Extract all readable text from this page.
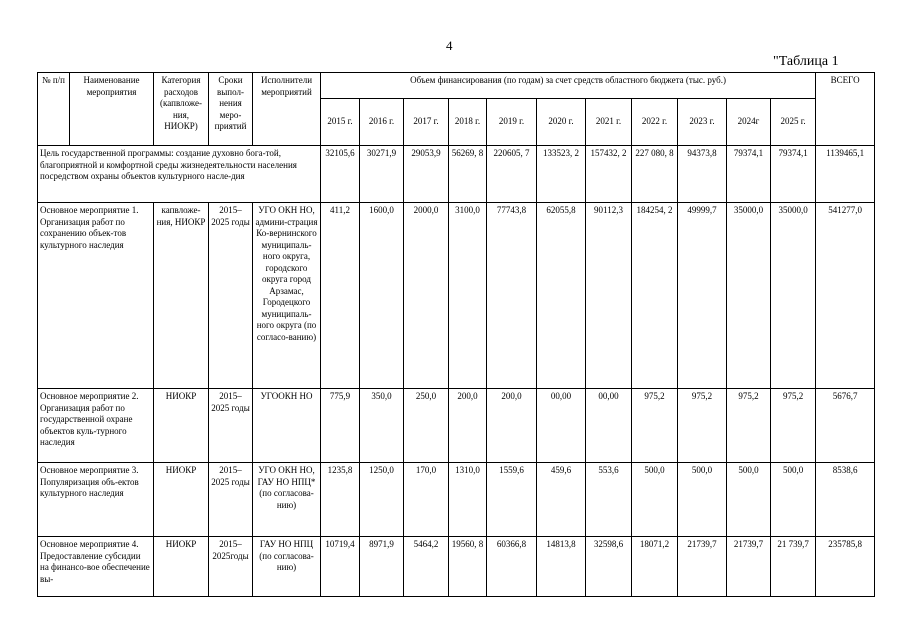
4
"Таблица 1
№ п/п	Наименование мероприятия	Категория расходов (капвложе-ния, НИОКР)	Сроки выпол-нения меро-приятий	Исполнители мероприятий	Объем финансирования (по годам) за счет средств областного бюджета (тыс. руб.)											ВСЕГО
					2015 г.	2016 г.	2017 г.	2018 г.	2019 г.	2020 г.	2021 г.	2022 г.	2023 г.	2024г	2025 г.	
Цель государственной программы: создание духовно бога-той, благоприятной и комфортной среды жизнедеятельности населения посредством охраны объектов культурного насле-дия					32105,6	30271,9	29053,9	56269, 8	220605, 7	133523, 2	157432, 2	227 080, 8	94373,8	79374,1	79374,1	1139465,1
Основное мероприятие 1. Организация работ по сохранению объек-тов культурного наследия		капвложе-ния, НИОКР	2015–2025 годы	УГО ОКН НО, админи-страция Ко-вернинского муниципаль-ного округа, городского округа город Арзамас, Городецкого муниципаль-ного округа (по согласо-ванию)	411,2	1600,0	2000,0	3100,0	77743,8	62055,8	90112,3	184254, 2	49999,7	35000,0	35000,0	541277,0
Основное мероприятие 2. Организация работ по государственной охране объектов куль-турного наследия		НИОКР	2015–2025 годы	УГООКН НО	775,9	350,0	250,0	200,0	200,0	00,00	00,00	975,2	975,2	975,2	975,2	5676,7
Основное мероприятие 3. Популяризация объ-ектов культурного наследия		НИОКР	2015–2025 годы	УГО ОКН НО, ГАУ НО НПЦ* (по согласова-нию)	1235,8	1250,0	170,0	1310,0	1559,6	459,6	553,6	500,0	500,0	500,0	500,0	8538,6
Основное мероприятие 4. Предоставление субсидии на финансо-вое обеспечение вы-		НИОКР	2015–2025годы	ГАУ НО НПЦ (по согласова-нию)	10719,4	8971,9	5464,2	19560, 8	60366,8	14813,8	32598,6	18071,2	21739,7	21739,7	21 739,7	235785,8
